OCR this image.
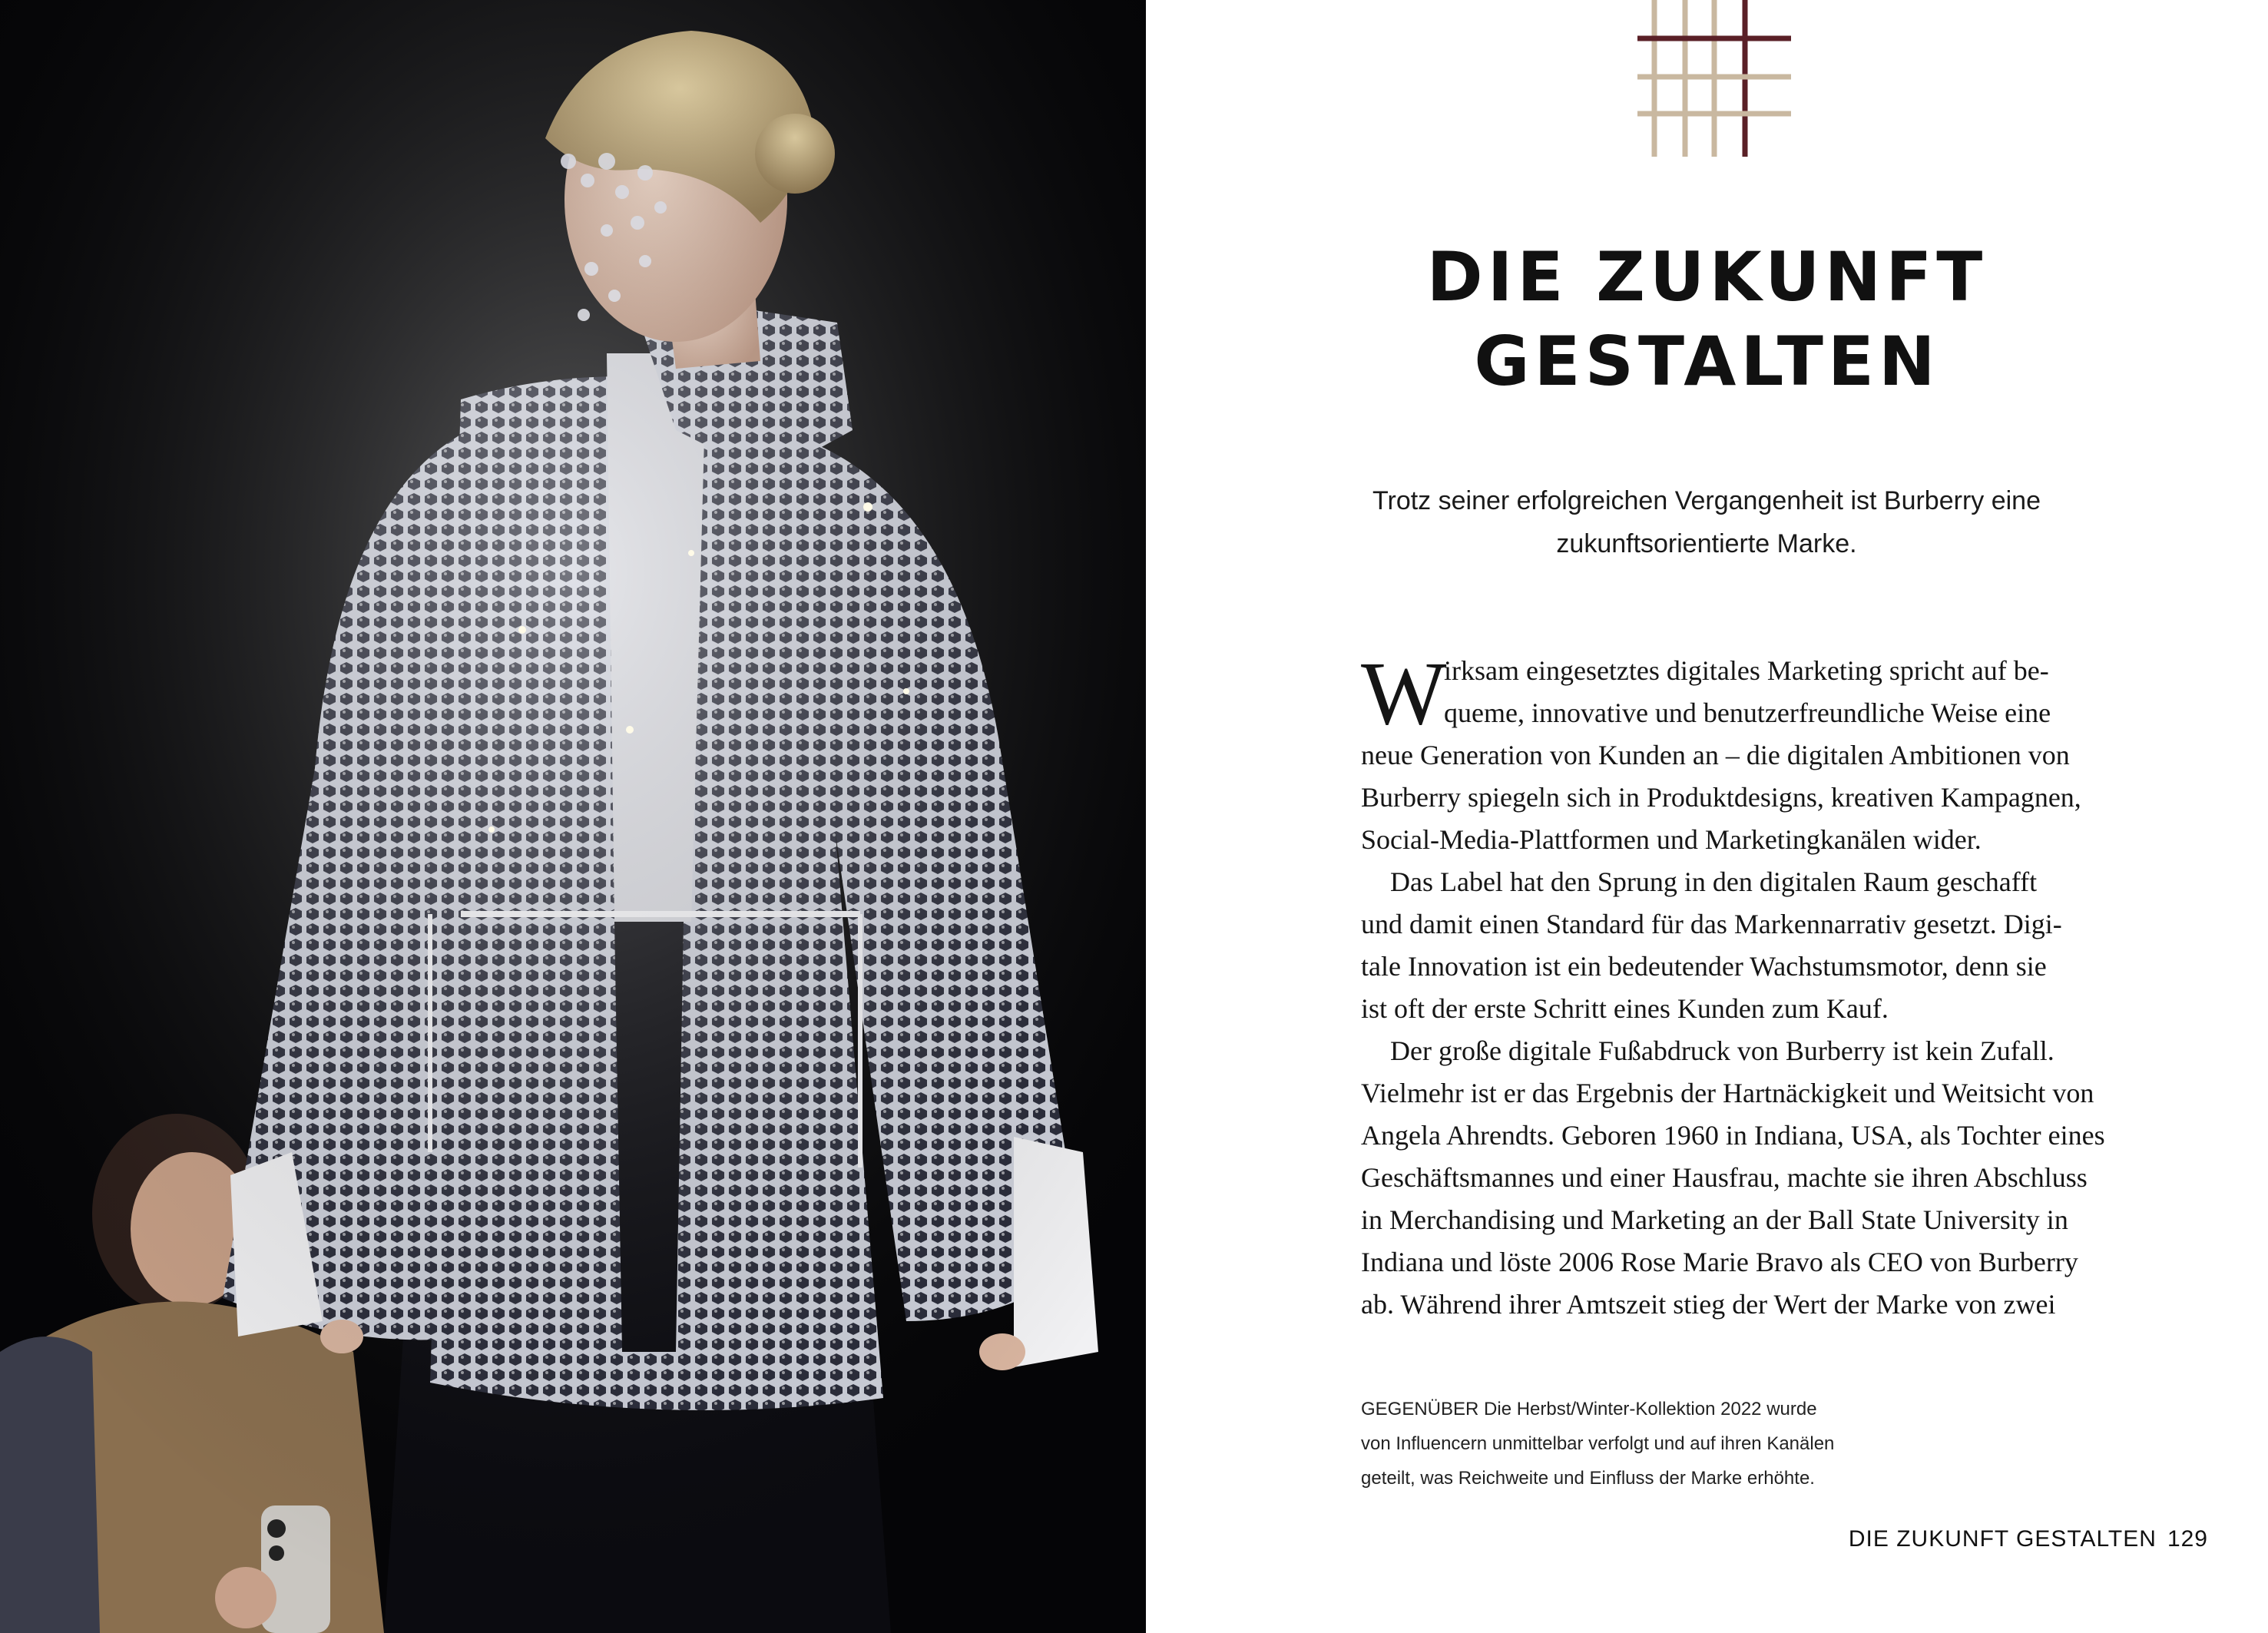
DIE ZUKUNFT
GESTALTEN

Trotz seiner erfolgreichen Vergangenheit ist Burberry eine
zukunftsorientierte Marke.

W
irksam eingesetztes digitales Marketing spricht auf be-
queme, innovative und benutzerfreundliche Weise eine
neue Generation von Kunden an – die digitalen Ambitionen von
Burberry spiegeln sich in Produktdesigns, kreativen Kampagnen,
Social-Media-Plattformen und Marketingkanälen wider.
Das Label hat den Sprung in den digitalen Raum geschafft
und damit einen Standard für das Markennarrativ gesetzt. Digi-
tale Innovation ist ein bedeutender Wachstumsmotor, denn sie
ist oft der erste Schritt eines Kunden zum Kauf.
Der große digitale Fußabdruck von Burberry ist kein Zufall.
Vielmehr ist er das Ergebnis der Hartnäckigkeit und Weitsicht von
Angela Ahrendts. Geboren 1960 in Indiana, USA, als Tochter eines
Geschäftsmannes und einer Hausfrau, machte sie ihren Abschluss
in Merchandising und Marketing an der Ball State University in
Indiana und löste 2006 Rose Marie Bravo als CEO von Burberry
ab. Während ihrer Amtszeit stieg der Wert der Marke von zwei
GEGENÜBER Die Herbst/Winter-Kollektion 2022 wurde
von Influencern unmittelbar verfolgt und auf ihren Kanälen
geteilt, was Reichweite und Einfluss der Marke erhöhte.
DIE ZUKUNFT GESTALTEN 129
